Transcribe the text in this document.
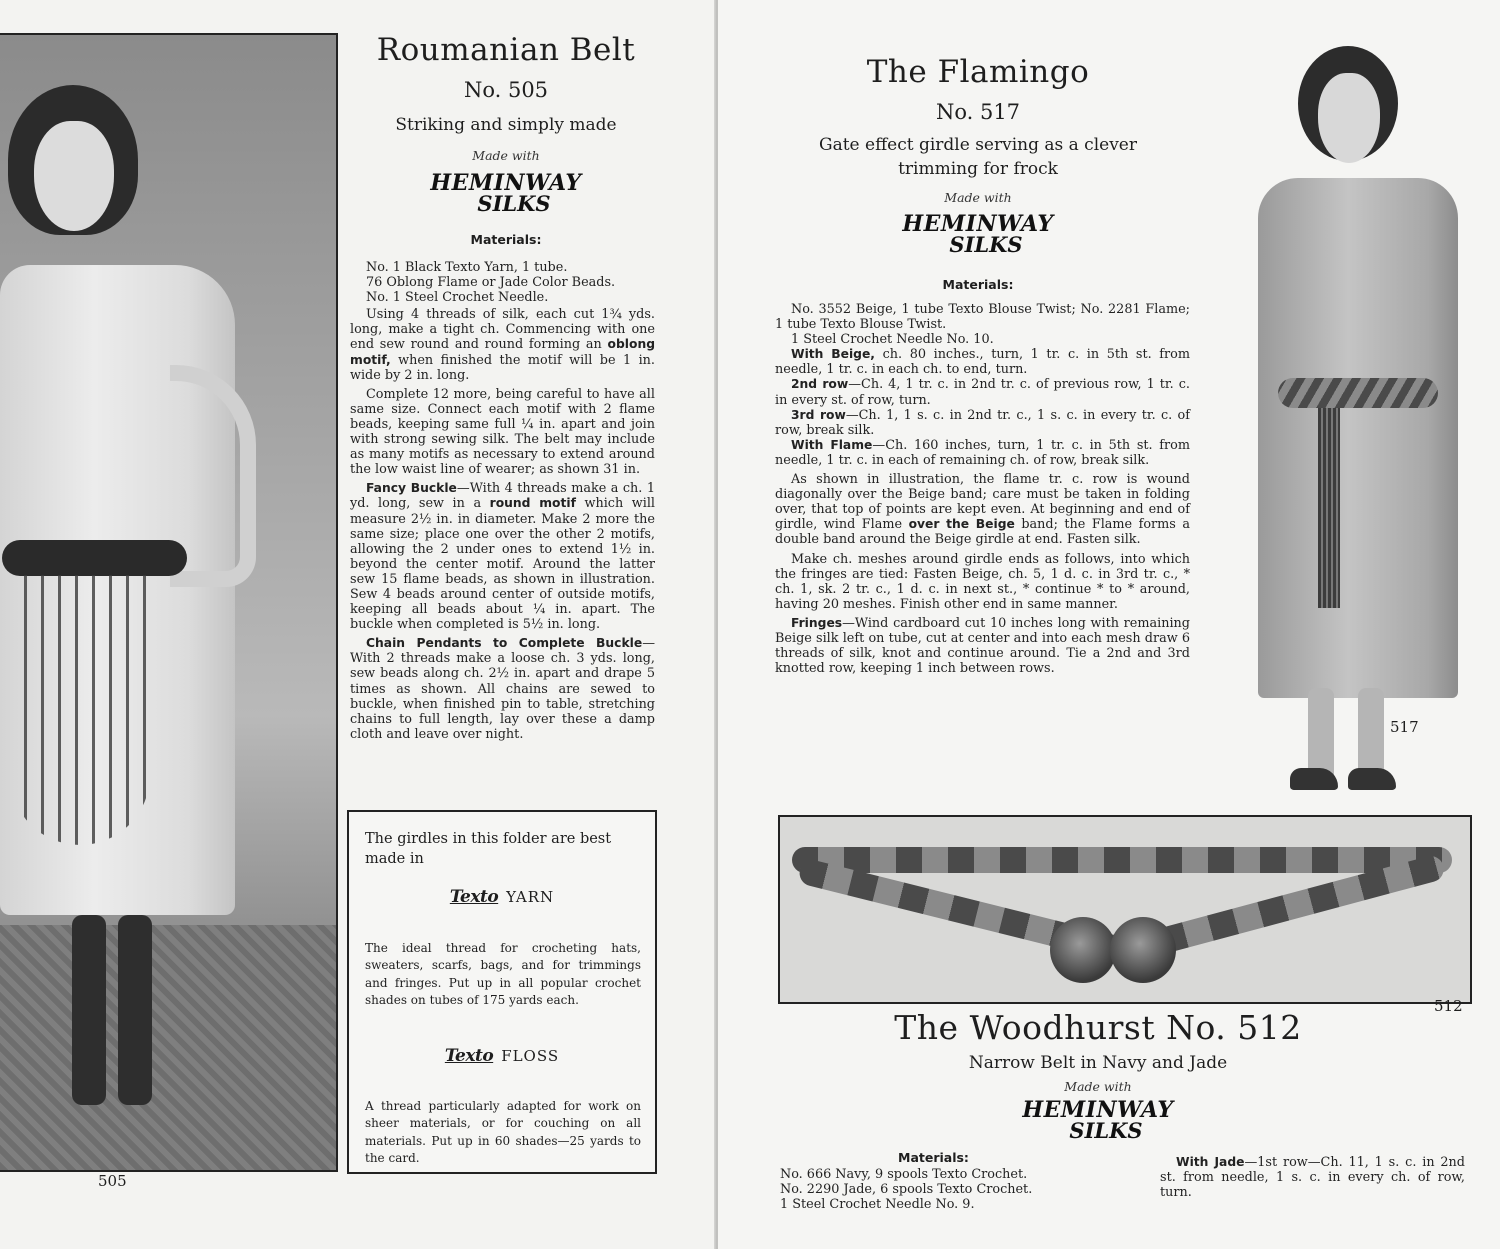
Roumanian Belt
No. 505
Striking and simply made
Made with
HEMINWAY
SILKS
Materials:

No. 1 Black Texto Yarn, 1 tube.

76 Oblong Flame or Jade Color Beads.

No. 1 Steel Crochet Needle.

Using 4 threads of silk, each cut 1¾ yds. long, make a tight ch. Commencing with one end sew round and round forming an oblong motif, when finished the motif will be 1 in. wide by 2 in. long.

Complete 12 more, being careful to have all same size. Connect each motif with 2 flame beads, keeping same full ¼ in. apart and join with strong sewing silk. The belt may include as many motifs as necessary to extend around the low waist line of wearer; as shown 31 in.

Fancy Buckle—With 4 threads make a ch. 1 yd. long, sew in a round motif which will measure 2½ in. in diameter. Make 2 more the same size; place one over the other 2 motifs, allowing the 2 under ones to extend 1½ in. beyond the center motif. Around the latter sew 15 flame beads, as shown in illustration. Sew 4 beads around center of outside motifs, keeping all beads about ¼ in. apart. The buckle when completed is 5½ in. long.

Chain Pendants to Complete Buckle—With 2 threads make a loose ch. 3 yds. long, sew beads along ch. 2½ in. apart and drape 5 times as shown. All chains are sewed to buckle, when finished pin to table, stretching chains to full length, lay over these a damp cloth and leave over night.

The girdles in this folder are best made in
Texto YARN
The ideal thread for crocheting hats, sweaters, scarfs, bags, and for trimmings and fringes. Put up in all popular crochet shades on tubes of 175 yards each.
Texto FLOSS
A thread particularly adapted for work on sheer materials, or for couching on all materials. Put up in 60 shades—25 yards to the card.
505
The Flamingo
No. 517
Gate effect girdle serving as a clever trimming for frock
Made with
HEMINWAY
SILKS
Materials:

No. 3552 Beige, 1 tube Texto Blouse Twist; No. 2281 Flame; 1 tube Texto Blouse Twist.

1 Steel Crochet Needle No. 10.

With Beige, ch. 80 inches., turn, 1 tr. c. in 5th st. from needle, 1 tr. c. in each ch. to end, turn.

2nd row—Ch. 4, 1 tr. c. in 2nd tr. c. of previous row, 1 tr. c. in every st. of row, turn.

3rd row—Ch. 1, 1 s. c. in 2nd tr. c., 1 s. c. in every tr. c. of row, break silk.

With Flame—Ch. 160 inches, turn, 1 tr. c. in 5th st. from needle, 1 tr. c. in each of remaining ch. of row, break silk.

As shown in illustration, the flame tr. c. row is wound diagonally over the Beige band; care must be taken in folding over, that top of points are kept even. At beginning and end of girdle, wind Flame over the Beige band; the Flame forms a double band around the Beige girdle at end. Fasten silk.

Make ch. meshes around girdle ends as follows, into which the fringes are tied: Fasten Beige, ch. 5, 1 d. c. in 3rd tr. c., * ch. 1, sk. 2 tr. c., 1 d. c. in next st., * continue * to * around, having 20 meshes. Finish other end in same manner.

Fringes—Wind cardboard cut 10 inches long with remaining Beige silk left on tube, cut at center and into each mesh draw 6 threads of silk, knot and continue around. Tie a 2nd and 3rd knotted row, keeping 1 inch between rows.

517
512
The Woodhurst No. 512
Narrow Belt in Navy and Jade
Made with
HEMINWAY
SILKS
Materials:

No. 666 Navy, 9 spools Texto Crochet.

No. 2290 Jade, 6 spools Texto Crochet.

1 Steel Crochet Needle No. 9.

With Jade—1st row—Ch. 11, 1 s. c. in 2nd st. from needle, 1 s. c. in every ch. of row, turn.
